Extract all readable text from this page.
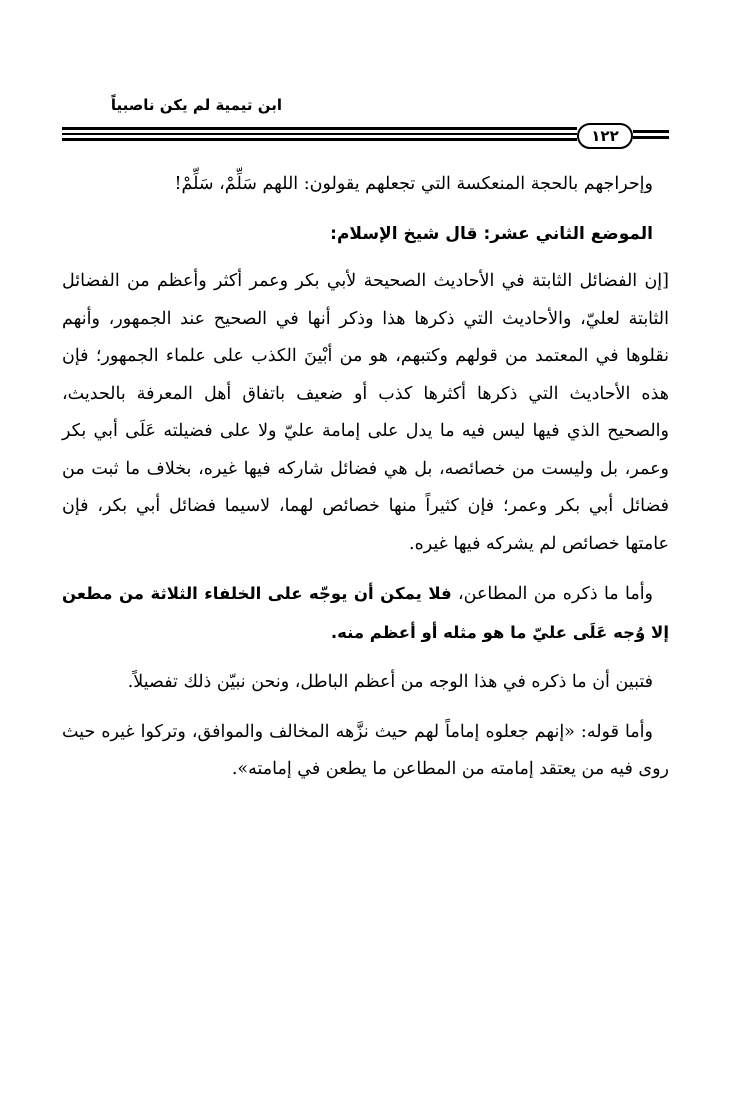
ابن تيمية لم يكن ناصبياً
١٢٢

وإحراجهم بالحجة المنعكسة التي تجعلهم يقولون: اللهم سَلِّمْ، سَلِّمْ!

الموضع الثاني عشر: قال شيخ الإسلام:

[إن الفضائل الثابتة في الأحاديث الصحيحة لأبي بكر وعمر أكثر وأعظم من الفضائل الثابتة لعليّ، والأحاديث التي ذكرها هذا وذكر أنها في الصحيح عند الجمهور، وأنهم نقلوها في المعتمد من قولهم وكتبهم، هو من أبْينَ الكذب على علماء الجمهور؛ فإن هذه الأحاديث التي ذكرها أكثرها كذب أو ضعيف باتفاق أهل المعرفة بالحديث، والصحيح الذي فيها ليس فيه ما يدل على إمامة عليّ ولا على فضيلته عَلَى أبي بكر وعمر، بل وليست من خصائصه، بل هي فضائل شاركه فيها غيره، بخلاف ما ثبت من فضائل أبي بكر وعمر؛ فإن كثيراً منها خصائص لهما، لاسيما فضائل أبي بكر، فإن عامتها خصائص لم يشركه فيها غيره.

وأما ما ذكره من المطاعن، فلا يمكن أن يوجّه على الخلفاء الثلاثة من مطعن إلا وُجه عَلَى عليّ ما هو مثله أو أعظم منه.

فتبين أن ما ذكره في هذا الوجه من أعظم الباطل، ونحن نبيّن ذلك تفصيلاً.

وأما قوله: «إنهم جعلوه إماماً لهم حيث نزَّهه المخالف والموافق، وتركوا غيره حيث روى فيه من يعتقد إمامته من المطاعن ما يطعن في إمامته».
